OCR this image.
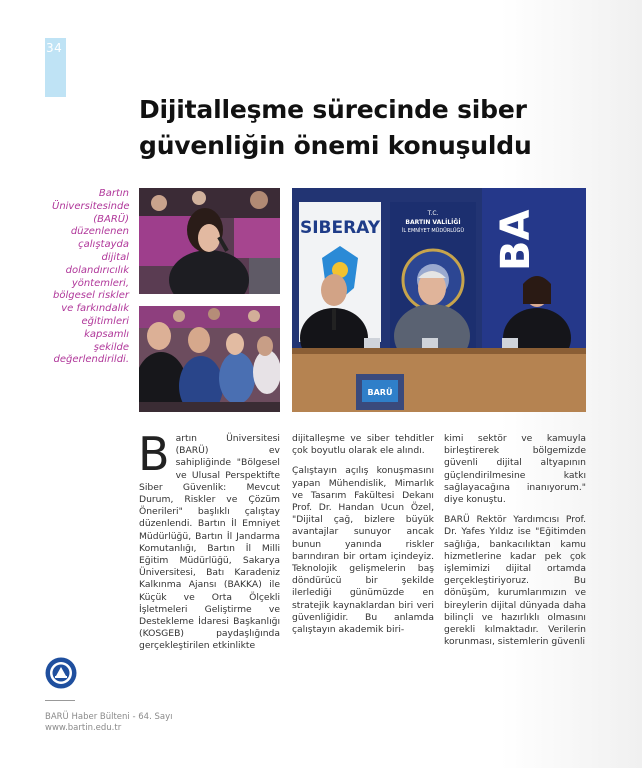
34
Dijitalleşme sürecinde siber
güvenliğin önemi konuşuldu
Bartın
Üniversitesinde
(BARÜ)
düzenlenen
çalıştayda
dijital
dolandırıcılık
yöntemleri,
bölgesel riskler
ve farkındalık
eğitimleri
kapsamlı
şekilde
değerlendirildi.
SIBERAY
T.C.
BARTIN VALİLİĞİ
İL EMNİYET MÜDÜRLÜĞÜ BA
BARÜ

Bartın Üniversitesi (BARÜ) ev sahipliğinde "Bölgesel ve Ulusal Perspektifte Siber Güvenlik: Mevcut Durum, Riskler ve Çözüm Önerileri" başlıklı çalıştay düzenlendi. Bartın İl Emniyet Müdürlüğü, Bartın İl Jandarma Komutanlığı, Bartın İl Milli Eğitim Müdürlüğü, Sakarya Üniversitesi, Batı Karadeniz Kalkınma Ajansı (BAKKA) ile Küçük ve Orta Ölçekli İşletmeleri Geliştirme ve Destekleme İdaresi Başkanlığı (KOSGEB) paydaşlığında gerçekleştirilen etkinlikte

dijitalleşme ve siber tehditler çok boyutlu olarak ele alındı.

Çalıştayın açılış konuşmasını yapan Mühendislik, Mimarlık ve Tasarım Fakültesi Dekanı Prof. Dr. Handan Ucun Özel, "Dijital çağ, bizlere büyük avantajlar sunuyor ancak bunun yanında riskler barındıran bir ortam içindeyiz. Teknolojik gelişmelerin baş döndürücü bir şekilde ilerlediği günümüzde en stratejik kaynaklardan biri veri güvenliğidir. Bu anlamda çalıştayın akademik biri-

kimi sektör ve kamuyla birleştirerek bölgemizde güvenli dijital altyapının güçlendirilmesine katkı sağlayacağına inanıyorum." diye konuştu.

BARÜ Rektör Yardımcısı Prof. Dr. Yafes Yıldız ise "Eğitimden sağlığa, bankacılıktan kamu hizmetlerine kadar pek çok işlemimizi dijital ortamda gerçekleştiriyoruz. Bu dönüşüm, kurumlarımızın ve bireylerin dijital dünyada daha bilinçli ve hazırlıklı olmasını gerekli kılmaktadır. Verilerin korunması, sistemlerin güvenli

BARÜ Haber Bülteni - 64. Sayı
www.bartin.edu.tr
